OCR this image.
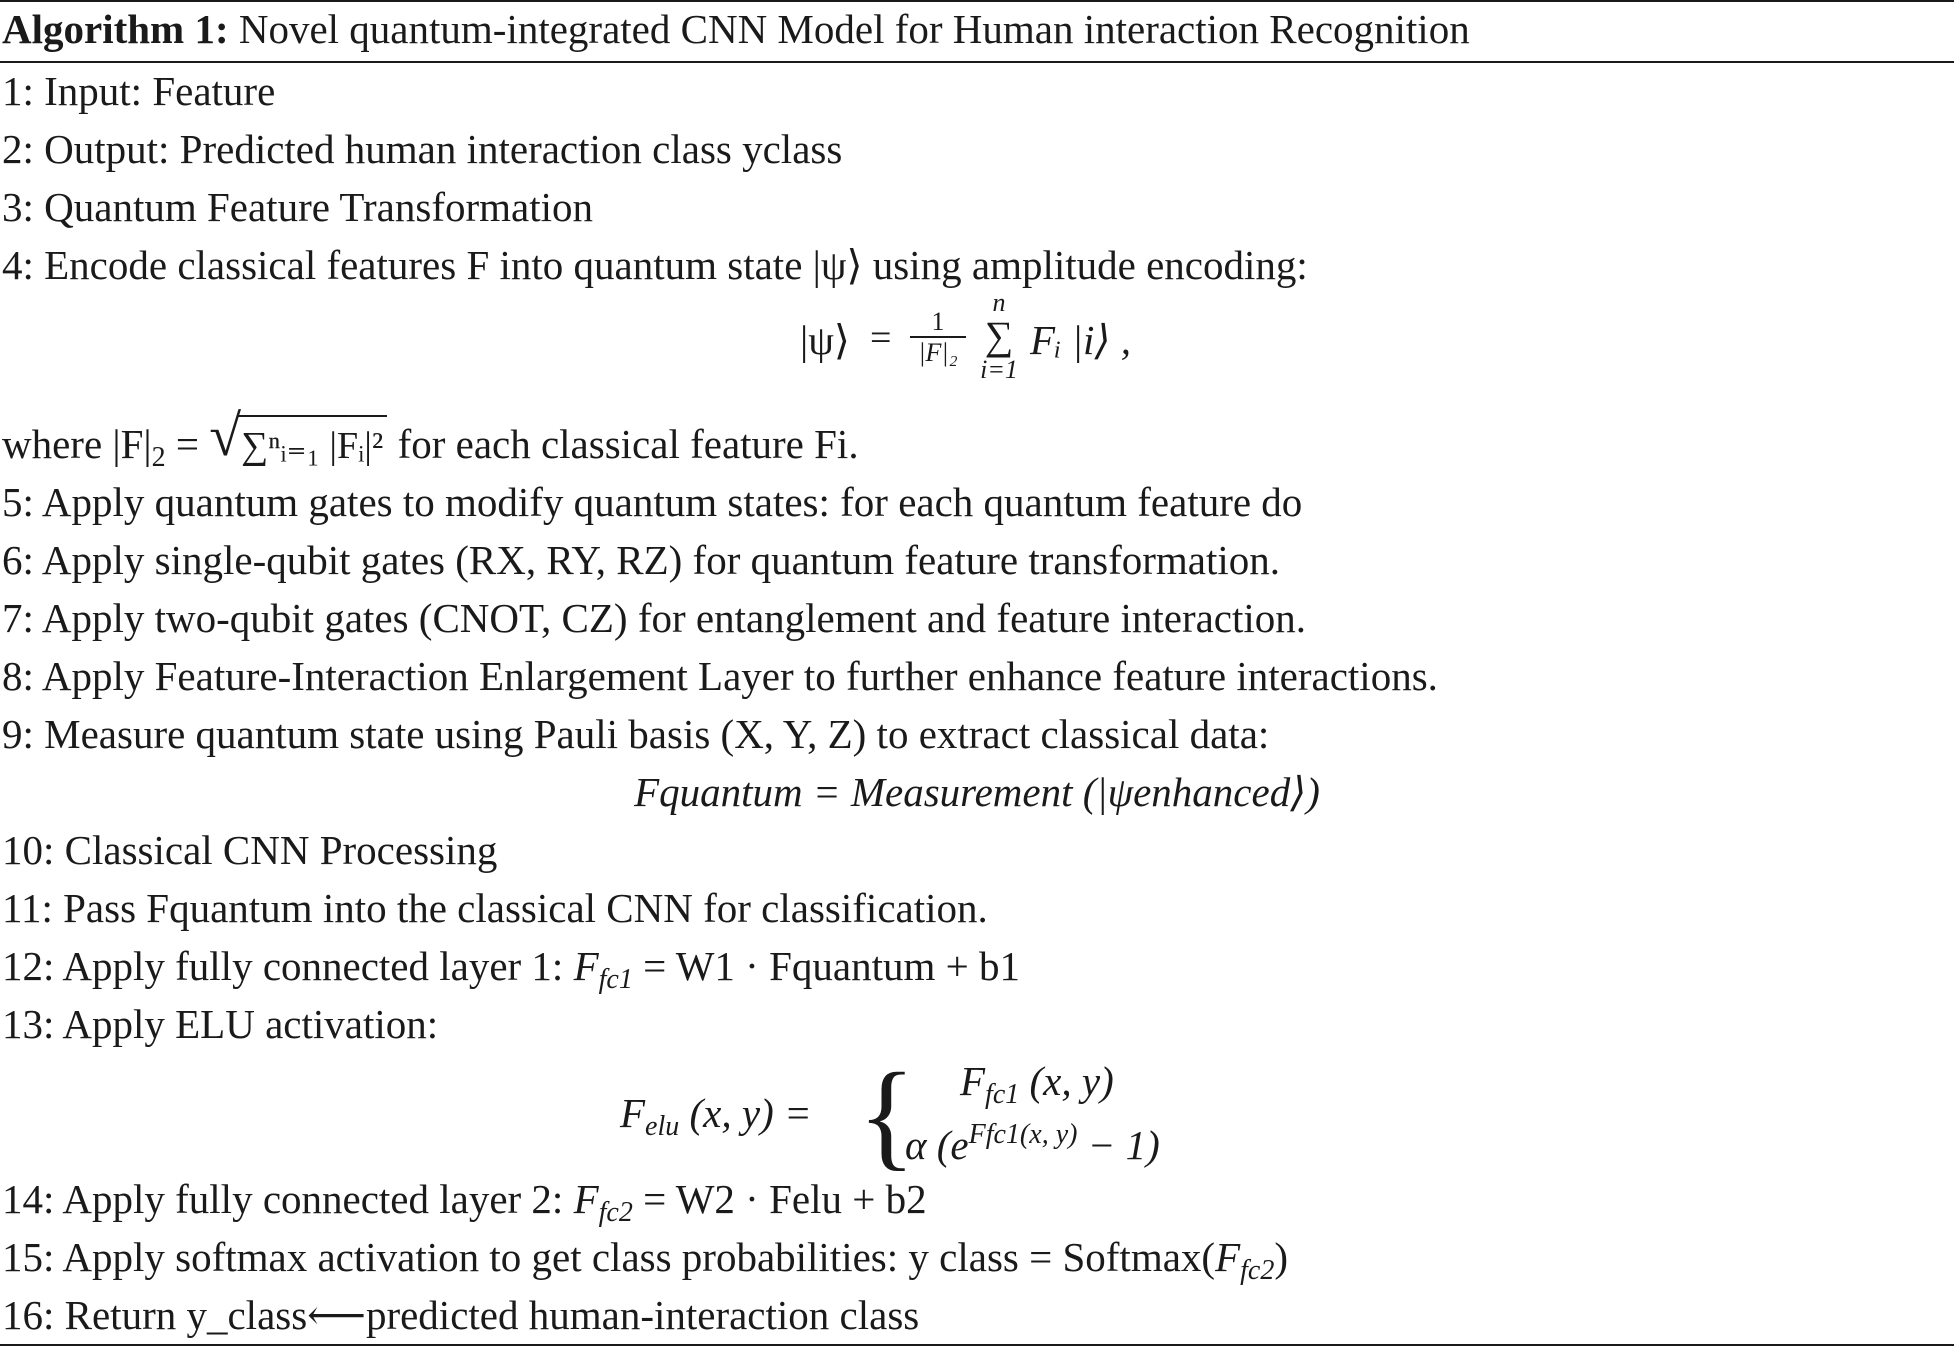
Algorithm 1: Novel quantum-integrated CNN Model for Human interaction Recognition
1: Input: Feature
2: Output: Predicted human interaction class yclass
3: Quantum Feature Transformation
4: Encode classical features F into quantum state |ψ⟩ using amplitude encoding:
|ψ⟩ = $\frac{1}{\text{|F|₂}}$
n
∑
i=1
Fᵢ |i⟩ ,
where $|F|_2$ = √ ∑ⁿᵢ₌₁ |Fᵢ|² for each classical feature Fi.
5: Apply quantum gates to modify quantum states: for each quantum feature do
6: Apply single-qubit gates (RX, RY, RZ) for quantum feature transformation.
7: Apply two-qubit gates (CNOT, CZ) for entanglement and feature interaction.
8: Apply Feature-Interaction Enlargement Layer to further enhance feature interactions.
9: Measure quantum state using Pauli basis (X, Y, Z) to extract classical data:
Fquantum = Measurement (|ψenhanced⟩)
10: Classical CNN Processing
11: Pass Fquantum into the classical CNN for classification.
12: Apply fully connected layer 1: $F_{fc1} = W1$ · Fquantum + b1
13: Apply ELU activation:
$F_{elu}$ (x, y) = { $F_{fc1}$ (x, y)
α $(e^{Ffc1(x, y)} - 1)$
14: Apply fully connected layer 2: $F_{fc2} = W2$ · Felu + b2
15: Apply softmax activation to get class probabilities: y class = $Softmax(F_{fc2})$
16: Return y_class⟵predicted human-interaction class
